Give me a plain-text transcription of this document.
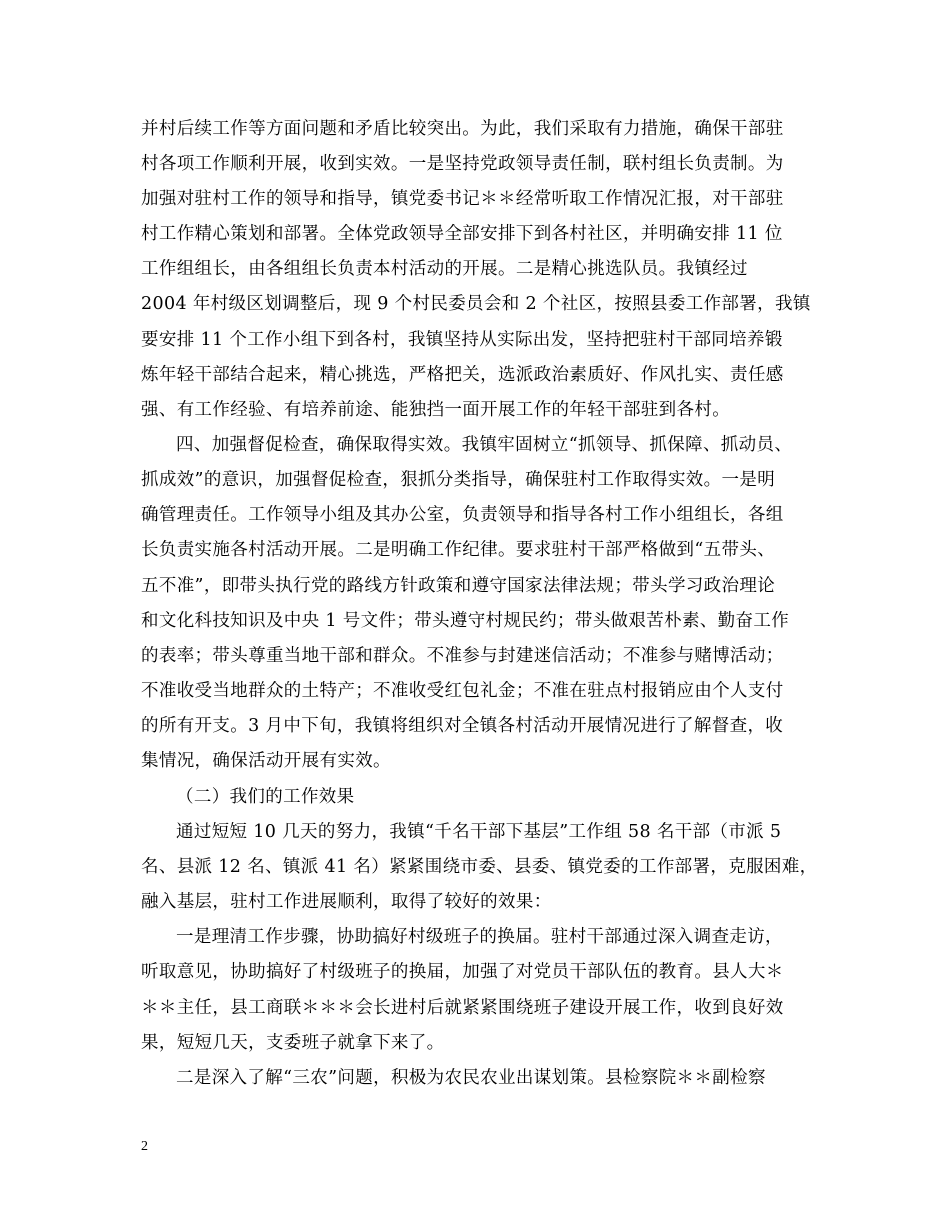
并村后续工作等方面问题和矛盾比较突出。为此，我们采取有力措施，确保干部驻
村各项工作顺利开展，收到实效。一是坚持党政领导责任制，联村组长负责制。为
加强对驻村工作的领导和指导，镇党委书记＊＊经常听取工作情况汇报，对干部驻
村工作精心策划和部署。全体党政领导全部安排下到各村社区，并明确安排 11 位
工作组组长，由各组组长负责本村活动的开展。二是精心挑选队员。我镇经过
2004 年村级区划调整后，现 9 个村民委员会和 2 个社区，按照县委工作部署，我镇
要安排 11 个工作小组下到各村，我镇坚持从实际出发，坚持把驻村干部同培养锻
炼年轻干部结合起来，精心挑选，严格把关，选派政治素质好、作风扎实、责任感
强、有工作经验、有培养前途、能独挡一面开展工作的年轻干部驻到各村。
四、加强督促检查，确保取得实效。我镇牢固树立“抓领导、抓保障、抓动员、
抓成效”的意识，加强督促检查，狠抓分类指导，确保驻村工作取得实效。一是明
确管理责任。工作领导小组及其办公室，负责领导和指导各村工作小组组长，各组
长负责实施各村活动开展。二是明确工作纪律。要求驻村干部严格做到“五带头、
五不准”，即带头执行党的路线方针政策和遵守国家法律法规；带头学习政治理论
和文化科技知识及中央 1 号文件；带头遵守村规民约；带头做艰苦朴素、勤奋工作
的表率；带头尊重当地干部和群众。不准参与封建迷信活动；不准参与赌博活动；
不准收受当地群众的土特产；不准收受红包礼金；不准在驻点村报销应由个人支付
的所有开支。3 月中下旬，我镇将组织对全镇各村活动开展情况进行了解督查，收
集情况，确保活动开展有实效。
（二）我们的工作效果
通过短短 10 几天的努力，我镇“千名干部下基层”工作组 58 名干部（市派 5
名、县派 12 名、镇派 41 名）紧紧围绕市委、县委、镇党委的工作部署，克服困难，
融入基层，驻村工作进展顺利，取得了较好的效果：
一是理清工作步骤，协助搞好村级班子的换届。驻村干部通过深入调查走访，
听取意见，协助搞好了村级班子的换届，加强了对党员干部队伍的教育。县人大＊
＊＊主任，县工商联＊＊＊会长进村后就紧紧围绕班子建设开展工作，收到良好效
果，短短几天，支委班子就拿下来了。
二是深入了解“三农”问题，积极为农民农业出谋划策。县检察院＊＊副检察
2
